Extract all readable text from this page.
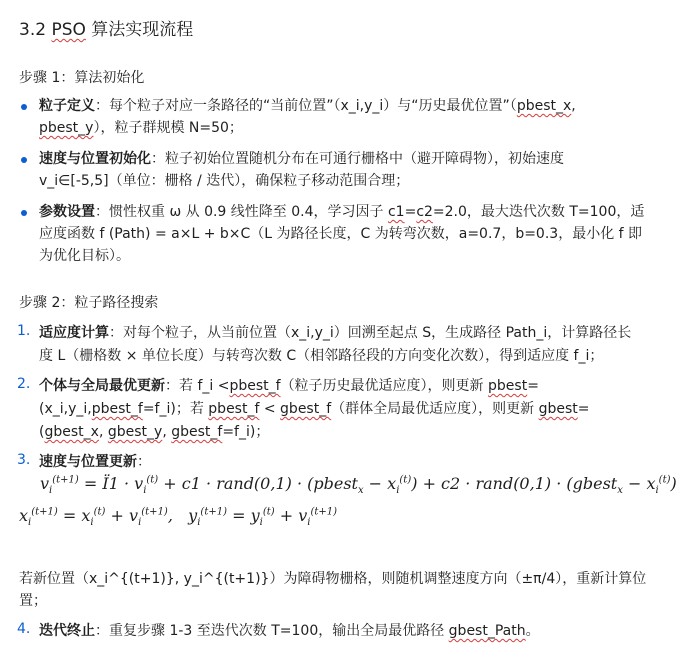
3.2 PSO 算法实现流程
步骤 1：算法初始化
粒子定义：每个粒子对应一条路径的“当前位置”（x_i,y_i）与“历史最优位置”（pbest_x,
pbest_y），粒子群规模 N=50；
速度与位置初始化：粒子初始位置随机分布在可通行栅格中（避开障碍物），初始速度
v_i∈[-5,5]（单位：栅格 / 迭代），确保粒子移动范围合理；
参数设置：惯性权重 ω 从 0.9 线性降至 0.4，学习因子 c1=c2=2.0，最大迭代次数 T=100，适
应度函数 f (Path) = a×L + b×C（L 为路径长度，C 为转弯次数，a=0.7，b=0.3，最小化 f 即
为优化目标）。
步骤 2：粒子路径搜索
1. 适应度计算：对每个粒子，从当前位置（x_i,y_i）回溯至起点 S，生成路径 Path_i，计算路径长
度 L（栅格数 × 单位长度）与转弯次数 C（相邻路径段的方向变化次数），得到适应度 f_i；
2. 个体与全局最优更新：若 f_i <pbest_f（粒子历史最优适应度），则更新 pbest=
(x_i,y_i,pbest_f=f_i)；若 pbest_f < gbest_f（群体全局最优适应度），则更新 gbest=
(gbest_x, gbest_y, gbest_f=f_i)；
3. 速度与位置更新：
$v_i^{(t+1)}$ = Ï1 · $v_i^{(t)} + c1$ · rand(0,1) · (pbest$_x$ − $x_i^{(t)}) + c2$ · rand(0,1) · (gbest$_x$ − $x_i^{(t)}$)
$x_i^{(t+1)} = x_i^{(t)} + v_i^{(t+1)}$,   $y_i^{(t+1)} = y_i^{(t)} + v_i^{(t+1)}$
若新位置（x_i^{(t+1)}, y_i^{(t+1)}）为障碍物栅格，则随机调整速度方向（±π/4），重新计算位
置；
4. 迭代终止：重复步骤 1-3 至迭代次数 T=100，输出全局最优路径 gbest_Path。
